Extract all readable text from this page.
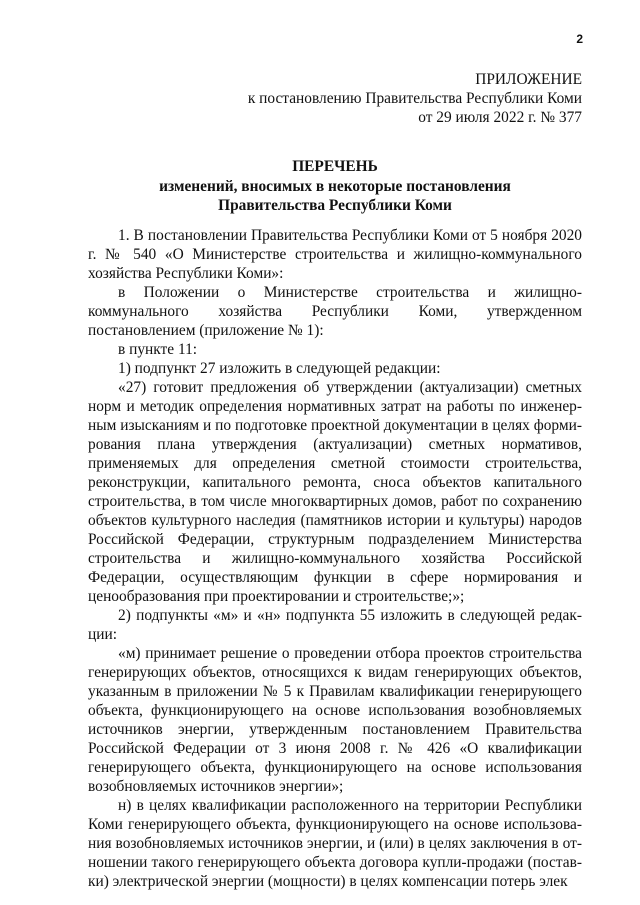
2
ПРИЛОЖЕНИЕ
к постановлению Правительства Республики Коми
от 29 июля 2022 г. № 377
ПЕРЕЧЕНЬ
изменений, вносимых в некоторые постановления
Правительства Республики Коми

1. В постановлении Правительства Республики Коми от 5 ноября 2020 г. № 540 «О Министерстве строительства и жилищно-коммунального хозяйства Республики Коми»:

в Положении о Министерстве строительства и жилищно-коммунального хозяйства Республики Коми, утвержденном постановлением (приложение № 1):

в пункте 11:

1) подпункт 27 изложить в следующей редакции:

«27) готовит предложения об утверждении (актуализации) сметных норм и методик определения нормативных затрат на работы по инженерным изысканиям и по подготовке проектной документации в целях формирования плана утверждения (актуализации) сметных нормативов, применяемых для определения сметной стоимости строительства, реконструкции, капитального ремонта, сноса объектов капитального строительства, в том числе многоквартирных домов, работ по сохранению объектов культурного наследия (памятников истории и культуры) народов Российской Федерации, структурным подразделением Министерства строительства и жилищно-коммунального хозяйства Российской Федерации, осуществляющим функции в сфере нормирования и ценообразования при проектировании и строительстве;»;

2) подпункты «м» и «н» подпункта 55 изложить в следующей редакции:

«м) принимает решение о проведении отбора проектов строительства генерирующих объектов, относящихся к видам генерирующих объектов, указанным в приложении № 5 к Правилам квалификации генерирующего объекта, функционирующего на основе использования возобновляемых источников энергии, утвержденным постановлением Правительства Российской Федерации от 3 июня 2008 г. № 426 «О квалификации генерирующего объекта, функционирующего на основе использования возобновляемых источников энергии»;

н) в целях квалификации расположенного на территории Республики Коми генерирующего объекта, функционирующего на основе использования возобновляемых источников энергии, и (или) в целях заключения в отношении такого генерирующего объекта договора купли-продажи (поставки) электрической энергии (мощности) в целях компенсации потерь элек
